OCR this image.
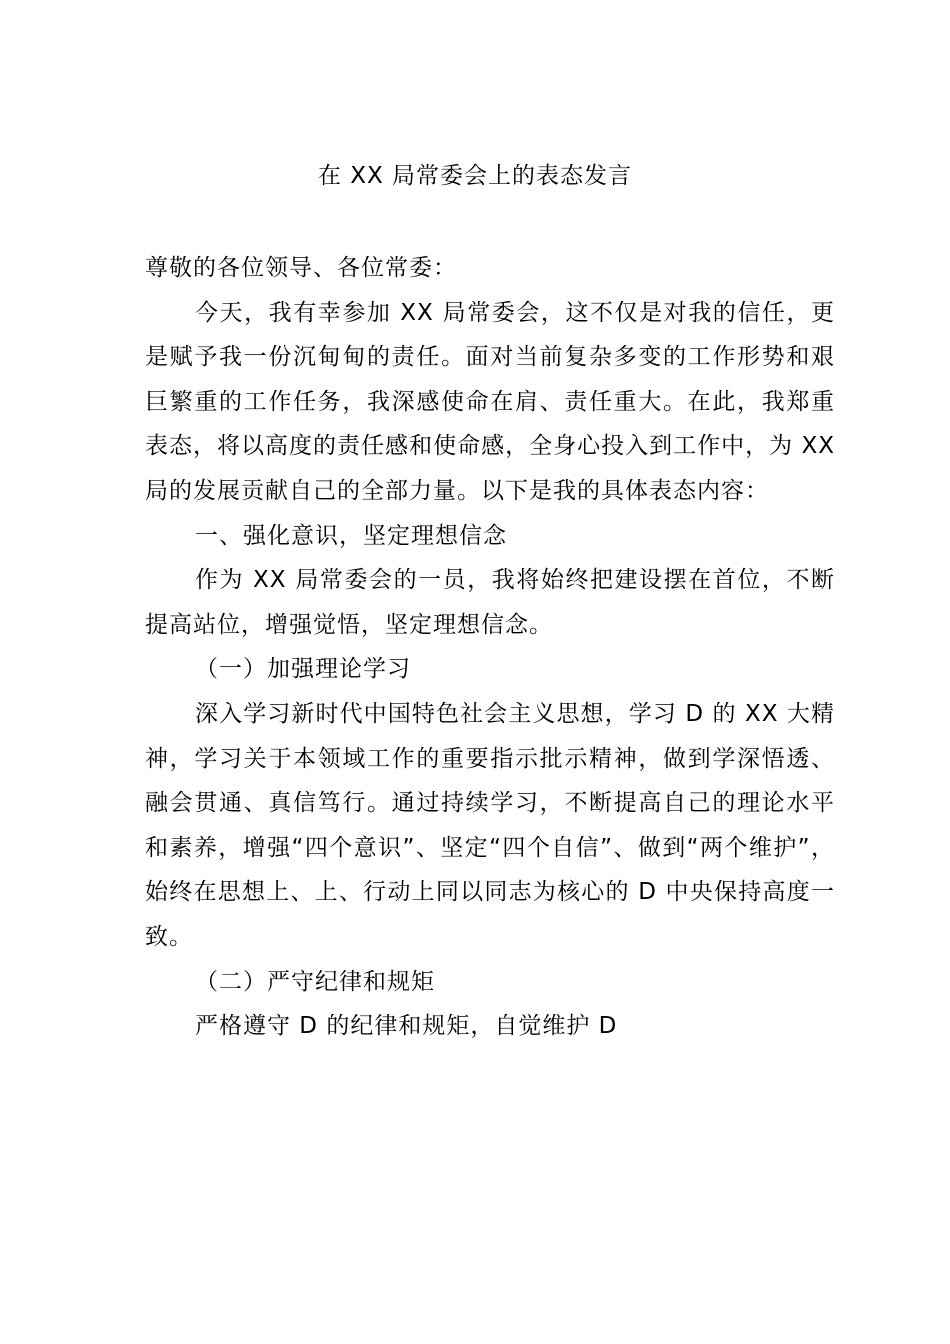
在 XX 局常委会上的表态发言

尊敬的各位领导、各位常委：

今天，我有幸参加 XX 局常委会，这不仅是对我的信任，更是赋予我一份沉甸甸的责任。面对当前复杂多变的工作形势和艰巨繁重的工作任务，我深感使命在肩、责任重大。在此，我郑重表态，将以高度的责任感和使命感，全身心投入到工作中，为 XX 局的发展贡献自己的全部力量。以下是我的具体表态内容：

一、强化意识，坚定理想信念

作为 XX 局常委会的一员，我将始终把建设摆在首位，不断提高站位，增强觉悟，坚定理想信念。

（一）加强理论学习

深入学习新时代中国特色社会主义思想，学习 D 的 XX 大精神，学习关于本领域工作的重要指示批示精神，做到学深悟透、融会贯通、真信笃行。通过持续学习，不断提高自己的理论水平和素养，增强“四个意识”、坚定“四个自信”、做到“两个维护”，始终在思想上、上、行动上同以同志为核心的 D 中央保持高度一致。

（二）严守纪律和规矩

严格遵守 D 的纪律和规矩，自觉维护 D
